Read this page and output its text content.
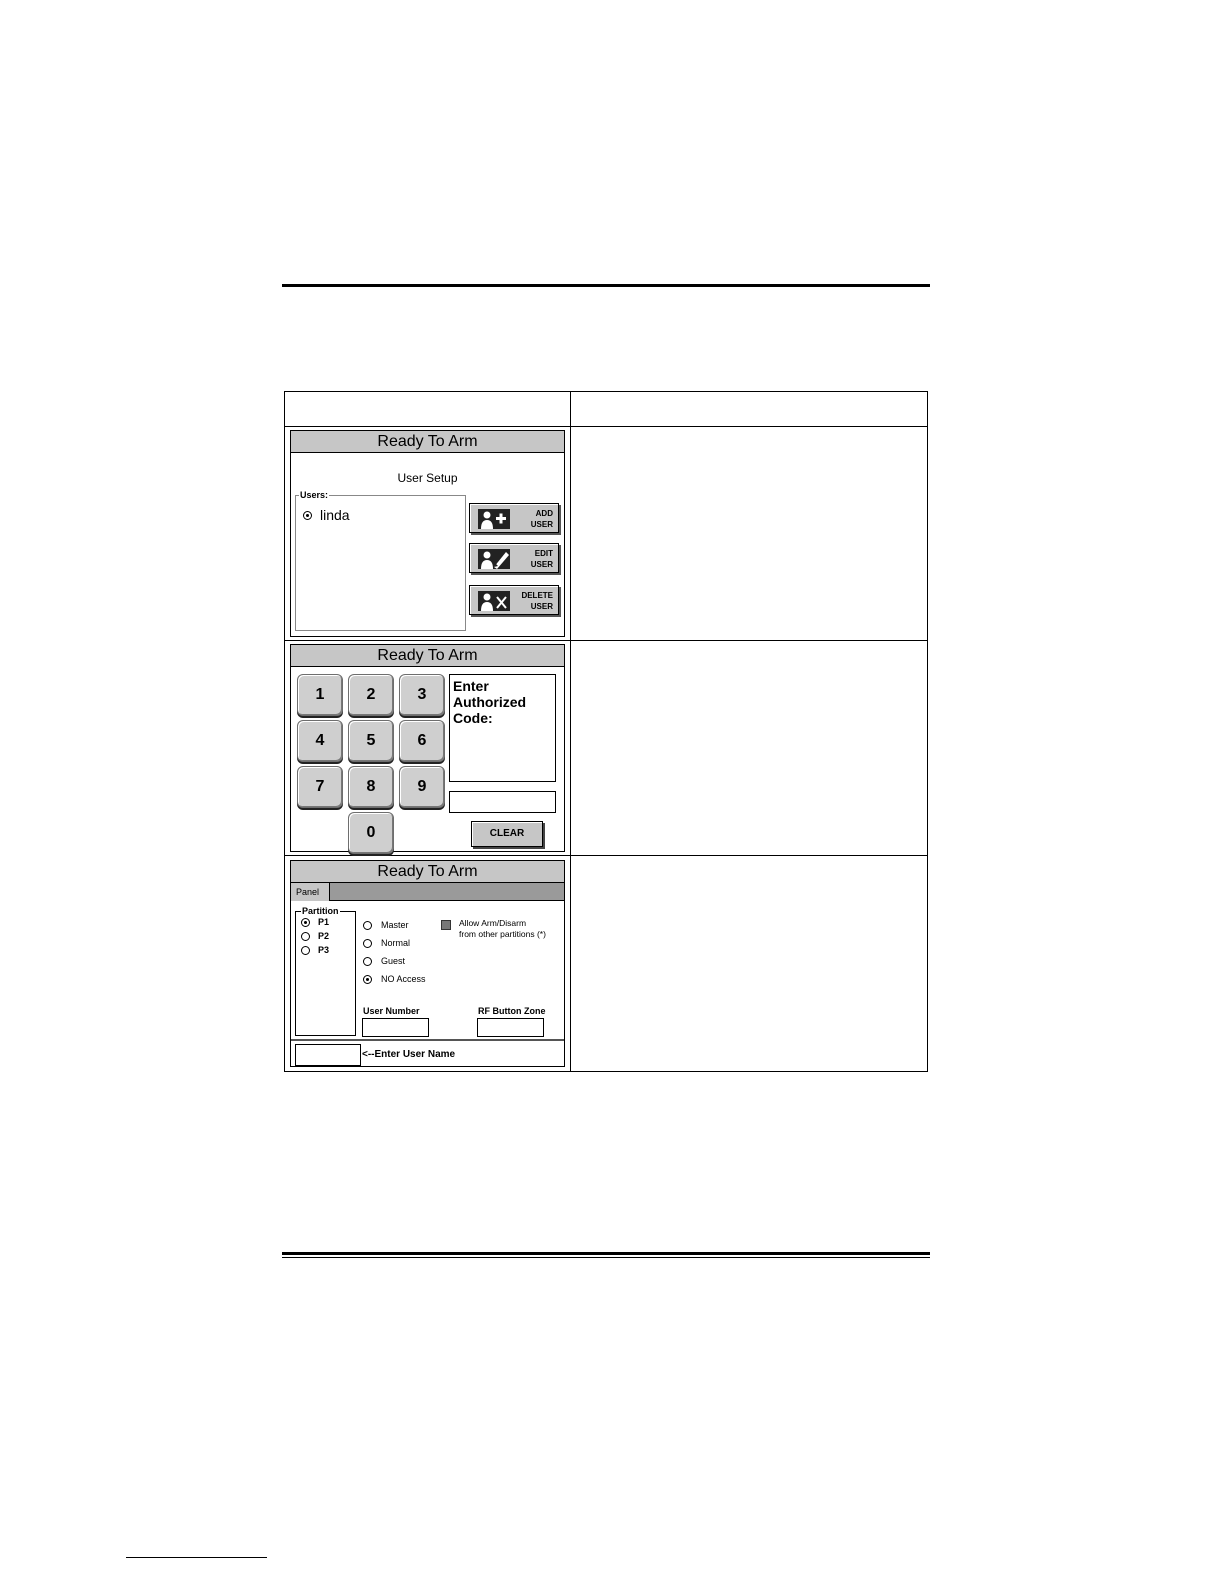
Ready To Arm
User Setup
Users:
linda	ADD
USER
EDIT
USER
DELETE
USER
Ready To Arm
1	2	3
4	5	6
7	8	9
0
Enter
Authorized
Code:
CLEAR
Ready To Arm
Panel
Partition
P1
P2
P3
Master
Normal
Guest
NO Access
Allow Arm/Disarm
from other partitions (*)
User Number	RF Button Zone
<--Enter User Name
